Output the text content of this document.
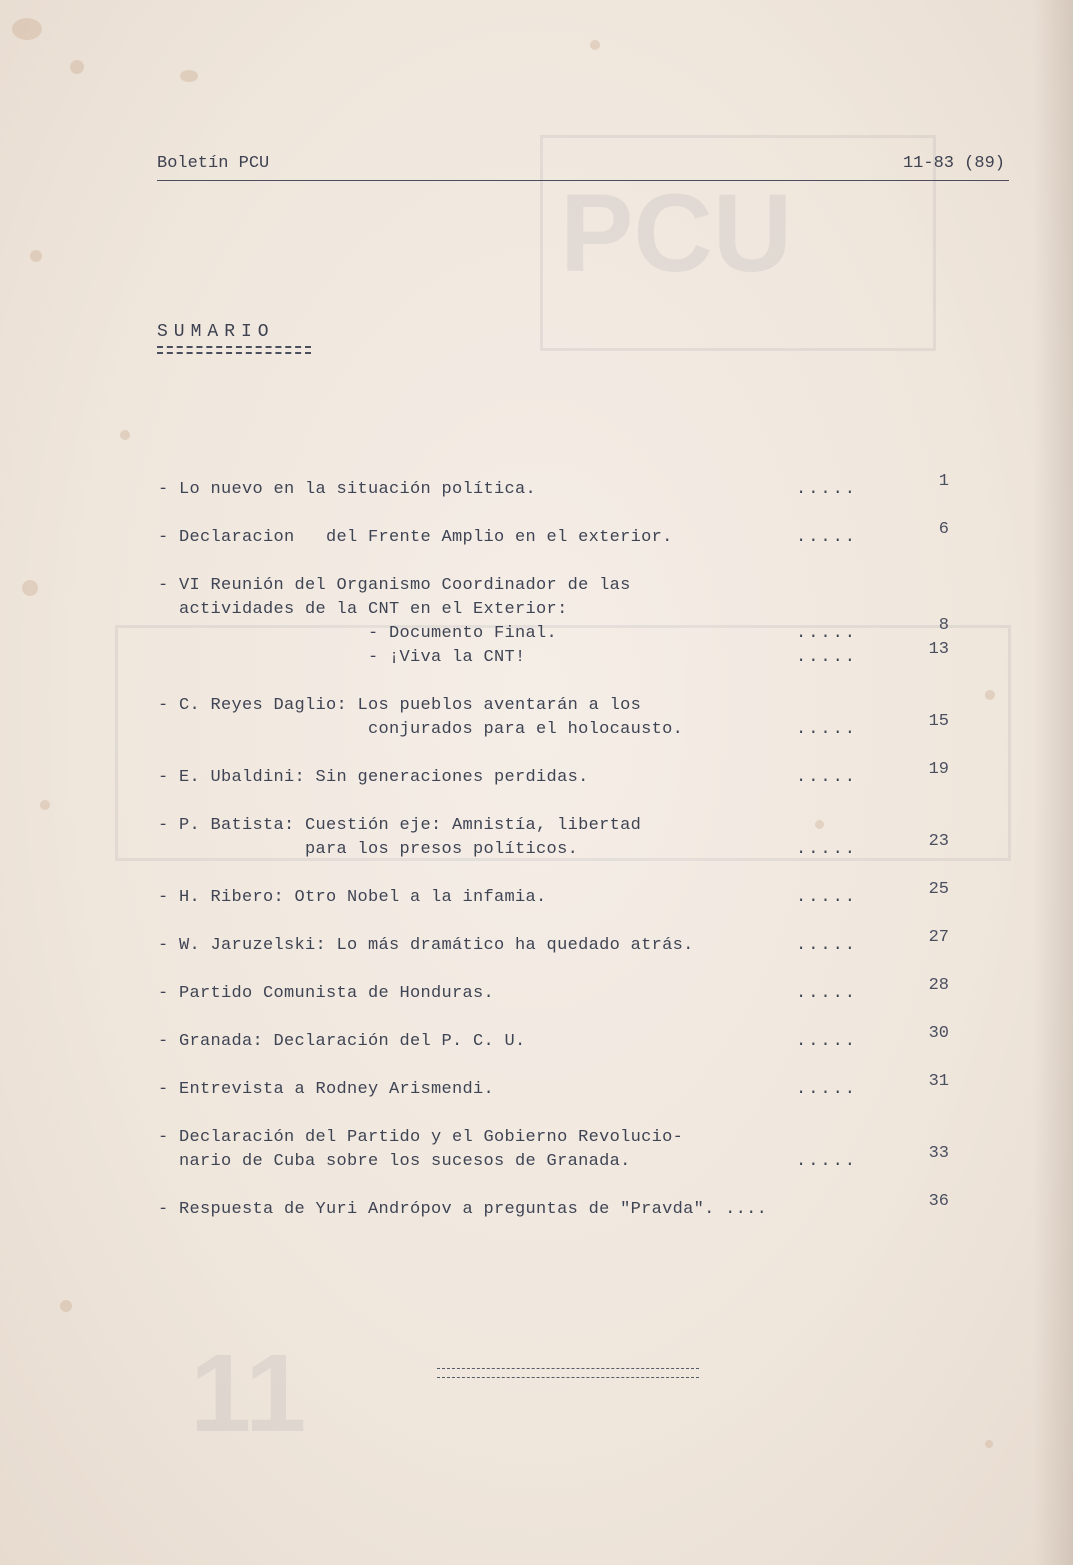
PCU
11
Boletín PCU	11-83 (89)
SUMARIO
- Lo nuevo en la situación política.	.....	1
- Declaracion   del Frente Amplio en el exterior.	.....	6
- VI Reunión del Organismo Coordinador de las
actividades de la CNT en el Exterior:
- Documento Final.	.....	8
- ¡Viva la CNT!	.....	13
- C. Reyes Daglio: Los pueblos aventarán a los
conjurados para el holocausto.	.....	15
- E. Ubaldini: Sin generaciones perdidas.	.....	19
- P. Batista: Cuestión eje: Amnistía, libertad
para los presos políticos.	.....	23
- H. Ribero: Otro Nobel a la infamia.	.....	25
- W. Jaruzelski: Lo más dramático ha quedado atrás.	.....	27
- Partido Comunista de Honduras.	.....	28
- Granada: Declaración del P. C. U.	.....	30
- Entrevista a Rodney Arismendi.	.....	31
- Declaración del Partido y el Gobierno Revolucio-
nario de Cuba sobre los sucesos de Granada.	.....	33
- Respuesta de Yuri Andrópov a preguntas de "Pravda". ....	36
